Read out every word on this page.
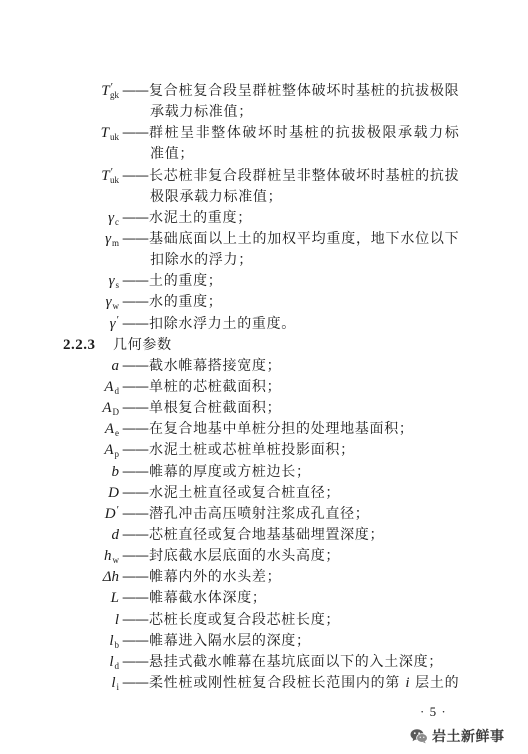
$T'_{gk}$ ——复合桩复合段呈群桩整体破坏时基桩的抗拔极限
承载力标准值；
$T_{uk}$ ——群桩呈非整体破坏时基桩的抗拔极限承载力标
准值；
$T'_{uk}$ ——长芯桩非复合段群桩呈非整体破坏时基桩的抗拔
极限承载力标准值；
$\gamma_c$ ——水泥土的重度；
$\gamma_m$ ——基础底面以上土的加权平均重度，地下水位以下
扣除水的浮力；
$\gamma_s$ ——土的重度；
$\gamma_w$ ——水的重度；
γ′ ——扣除水浮力土的重度。
2.2.3 几何参数
a ——截水帷幕搭接宽度；
$A_d$ ——单桩的芯桩截面积；
$A_D$ ——单根复合桩截面积；
$A_e$ ——在复合地基中单桩分担的处理地基面积；
$A_p$ ——水泥土桩或芯桩单桩投影面积；
b ——帷幕的厚度或方桩边长；
D ——水泥土桩直径或复合桩直径；
D′ ——潜孔冲击高压喷射注浆成孔直径；
d ——芯桩直径或复合地基基础埋置深度；
$h_w$ ——封底截水层底面的水头高度；
Δh ——帷幕内外的水头差；
L ——帷幕截水体深度；
l ——芯桩长度或复合段芯桩长度；
$l_b$ ——帷幕进入隔水层的深度；
$l_d$ ——悬挂式截水帷幕在基坑底面以下的入土深度；
$l_i$ ——柔性桩或刚性桩复合段桩长范围内的第 i 层土的
· 5 ·
岩土新鲜事
